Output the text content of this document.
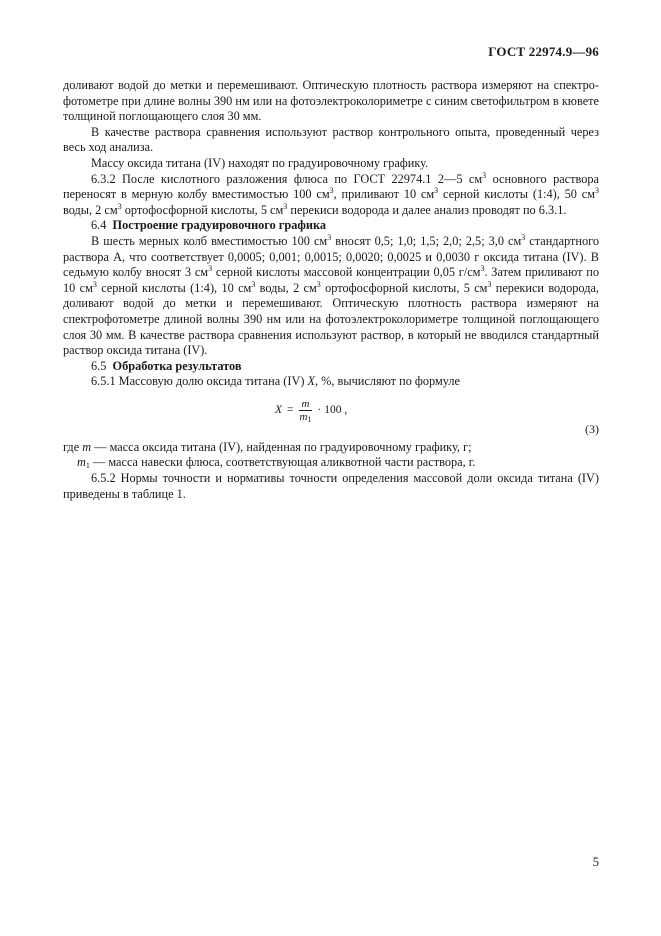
ГОСТ 22974.9—96

доливают водой до метки и перемешивают. Оптическую плотность раствора измеряют на спектро-фотометре при длине волны 390 нм или на фотоэлектроколориметре с синим светофильтром в кювете толщиной поглощающего слоя 30 мм.

В качестве раствора сравнения используют раствор контрольного опыта, проведенный через весь ход анализа.

Массу оксида титана (IV) находят по градуировочному графику.

6.3.2 После кислотного разложения флюса по ГОСТ 22974.1 2—5 $см^3$ основного раствора переносят в мерную колбу вместимостью 100 $см^3$, приливают 10 $см^3$ серной кислоты (1:4), 50 $см^3$ воды, 2 $см^3$ ортофосфорной кислоты, 5 $см^3$ перекиси водорода и далее анализ проводят по 6.3.1.

6.4 Построение градуировочного графика

В шесть мерных колб вместимостью 100 $см^3$ вносят 0,5; 1,0; 1,5; 2,0; 2,5; 3,0 $см^3$ стандартного раствора А, что соответствует 0,0005; 0,001; 0,0015; 0,0020; 0,0025 и 0,0030 г оксида титана (IV). В седьмую колбу вносят 3 $см^3$ серной кислоты массовой концентрации 0,05 $г/см^3$. Затем приливают по 10 $см^3$ серной кислоты (1:4), 10 $см^3$ воды, 2 $см^3$ ортофосфорной кислоты, 5 $см^3$ перекиси водорода, доливают водой до метки и перемешивают. Оптическую плотность раствора измеряют на спектрофотометре длиной волны 390 нм или на фотоэлектроколориметре толщиной поглощающего слоя 30 мм. В качестве раствора сравнения используют раствор, в который не вводился стандартный раствор оксида титана (IV).

6.5 Обработка результатов

6.5.1 Массовую долю оксида титана (IV) X, %, вычисляют по формуле

$X = \frac{m}{m_1} \cdot 100$ ,
(3)

где m — масса оксида титана (IV), найденная по градуировочному графику, г;

$m_1$ — масса навески флюса, соответствующая аликвотной части раствора, г.

6.5.2 Нормы точности и нормативы точности определения массовой доли оксида титана (IV) приведены в таблице 1.

5
